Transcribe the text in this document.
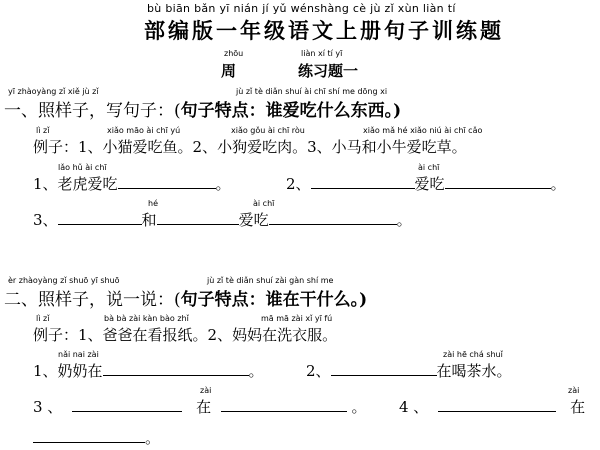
bù biān bǎn yī nián jí yǔ wénshàng cè jù zǐ xùn liàn tí
部编版一年级语文上册句子训练题
zhōu
周
liàn xí tí yī
练习题一
yī zhàoyàng zǐ xiě jù zǐ	jù zǐ tè diǎn shuí ài chī shí me dōng xi
一、照样子，写句子：(句子特点：谁爱吃什么东西。)
lì zǐ	xiǎo māo ài chī yú	xiǎo gǒu ài chī ròu	xiǎo mǎ hé xiǎo niú ài chī cǎo
例子：1、小猫爱吃鱼。2、小狗爱吃肉。3、小马和小牛爱吃草。
lǎo hǔ ài chī	ài chī
1、老虎爱吃	。	2、	爱吃	。
hé	ài chī
3、	和	爱吃	。
èr zhàoyàng zǐ shuō yī shuō	jù zǐ tè diǎn shuí zài gàn shí me
二、照样子，说一说：(句子特点：谁在干什么。)
lì zǐ	bà bà zài kàn bào zhǐ	mā mā zài xǐ yī fú
例子：1、爸爸在看报纸。2、妈妈在洗衣服。
nǎi nai zài	zài hē chá shuǐ
1、奶奶在	。	2、	在喝茶水。
zài	zài
3 、	在	。 4 、	在
。
